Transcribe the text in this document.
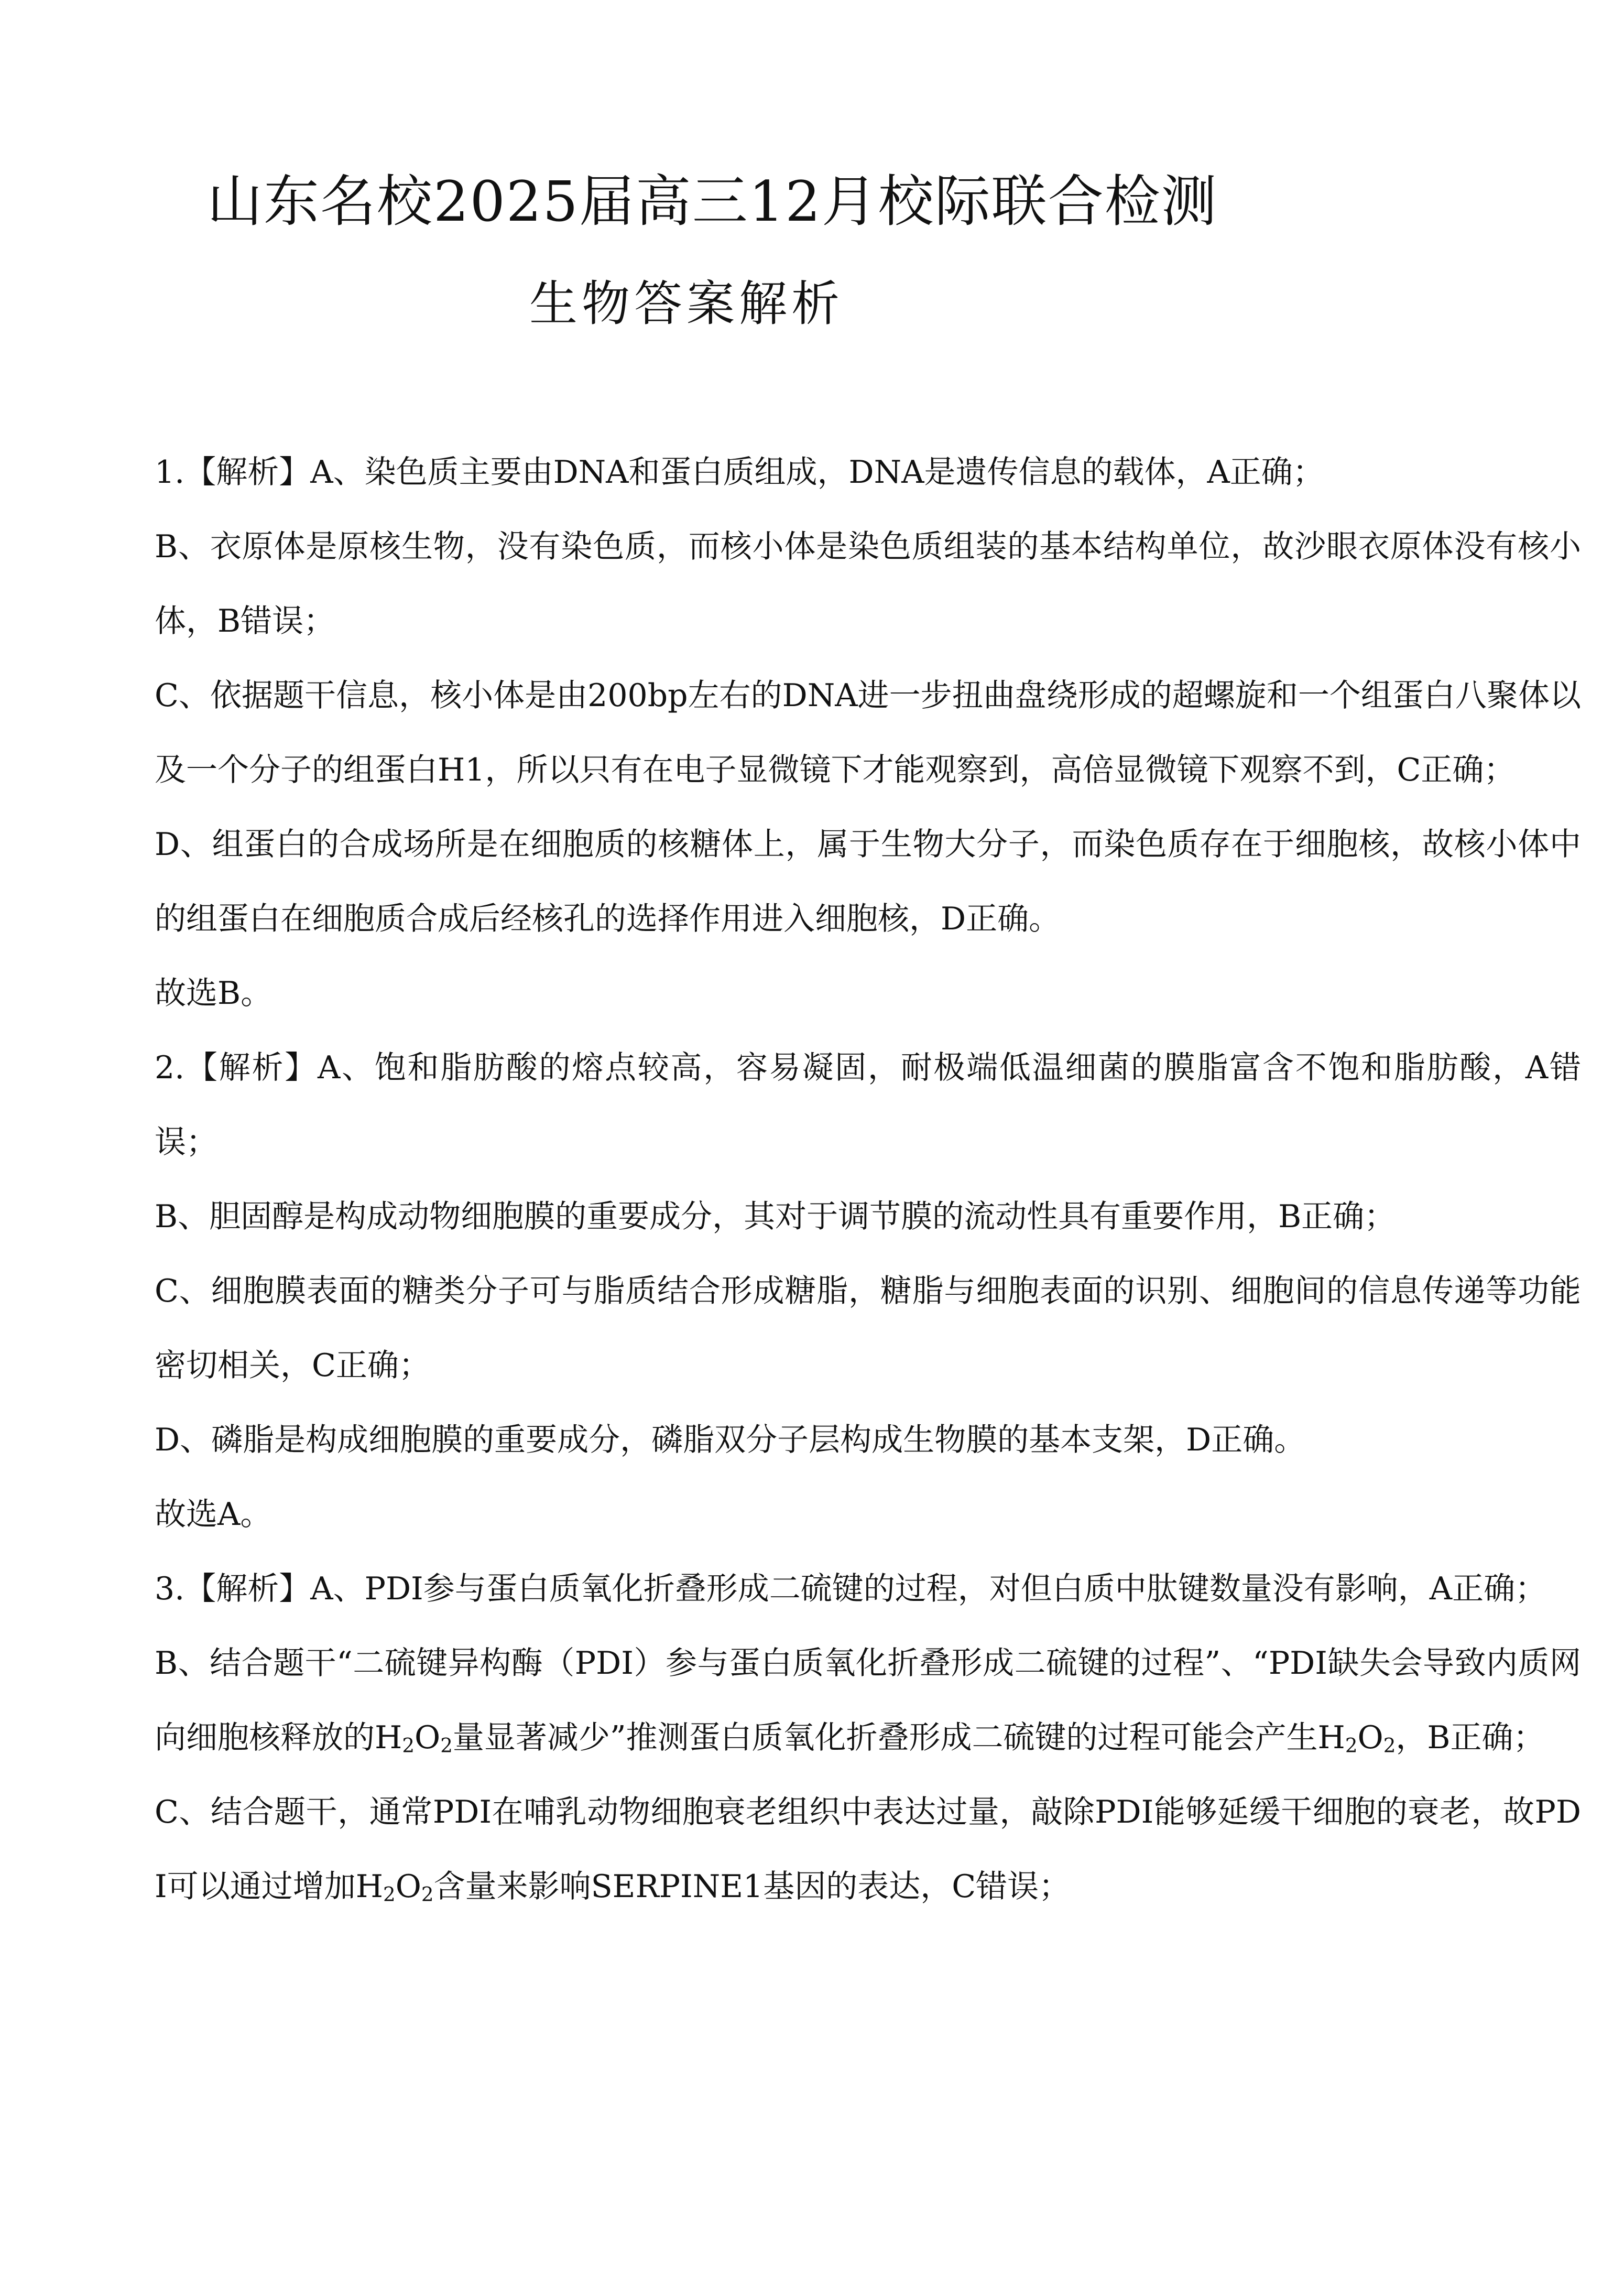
山东名校2025届高三12月校际联合检测
生物答案解析

1.【解析】A、染色质主要由DNA和蛋白质组成，DNA是遗传信息的载体，A正确；

B、衣原体是原核生物，没有染色质，而核小体是染色质组装的基本结构单位，故沙眼衣原体没有核小体，B错误；

C、依据题干信息，核小体是由200bp左右的DNA进一步扭曲盘绕形成的超螺旋和一个组蛋白八聚体以及一个分子的组蛋白H1，所以只有在电子显微镜下才能观察到，高倍显微镜下观察不到，C正确；

D、组蛋白的合成场所是在细胞质的核糖体上，属于生物大分子，而染色质存在于细胞核，故核小体中的组蛋白在细胞质合成后经核孔的选择作用进入细胞核，D正确。

故选B。

2.【解析】A、饱和脂肪酸的熔点较高，容易凝固，耐极端低温细菌的膜脂富含不饱和脂肪酸，A错误；

B、胆固醇是构成动物细胞膜的重要成分，其对于调节膜的流动性具有重要作用，B正确；

C、细胞膜表面的糖类分子可与脂质结合形成糖脂，糖脂与细胞表面的识别、细胞间的信息传递等功能密切相关，C正确；

D、磷脂是构成细胞膜的重要成分，磷脂双分子层构成生物膜的基本支架，D正确。

故选A。

3.【解析】A、PDI参与蛋白质氧化折叠形成二硫键的过程，对但白质中肽键数量没有影响，A正确；

B、结合题干“二硫键异构酶（PDI）参与蛋白质氧化折叠形成二硫键的过程”、“PDI缺失会导致内质网向细胞核释放的$H_2O_2$量显著减少”推测蛋白质氧化折叠形成二硫键的过程可能会产生$H_2O_2$，B正确；

C、结合题干，通常PDI在哺乳动物细胞衰老组织中表达过量，敲除PDI能够延缓干细胞的衰老，故PDI可以通过增加$H_2O_2$含量来影响SERPINE1基因的表达，C错误；
